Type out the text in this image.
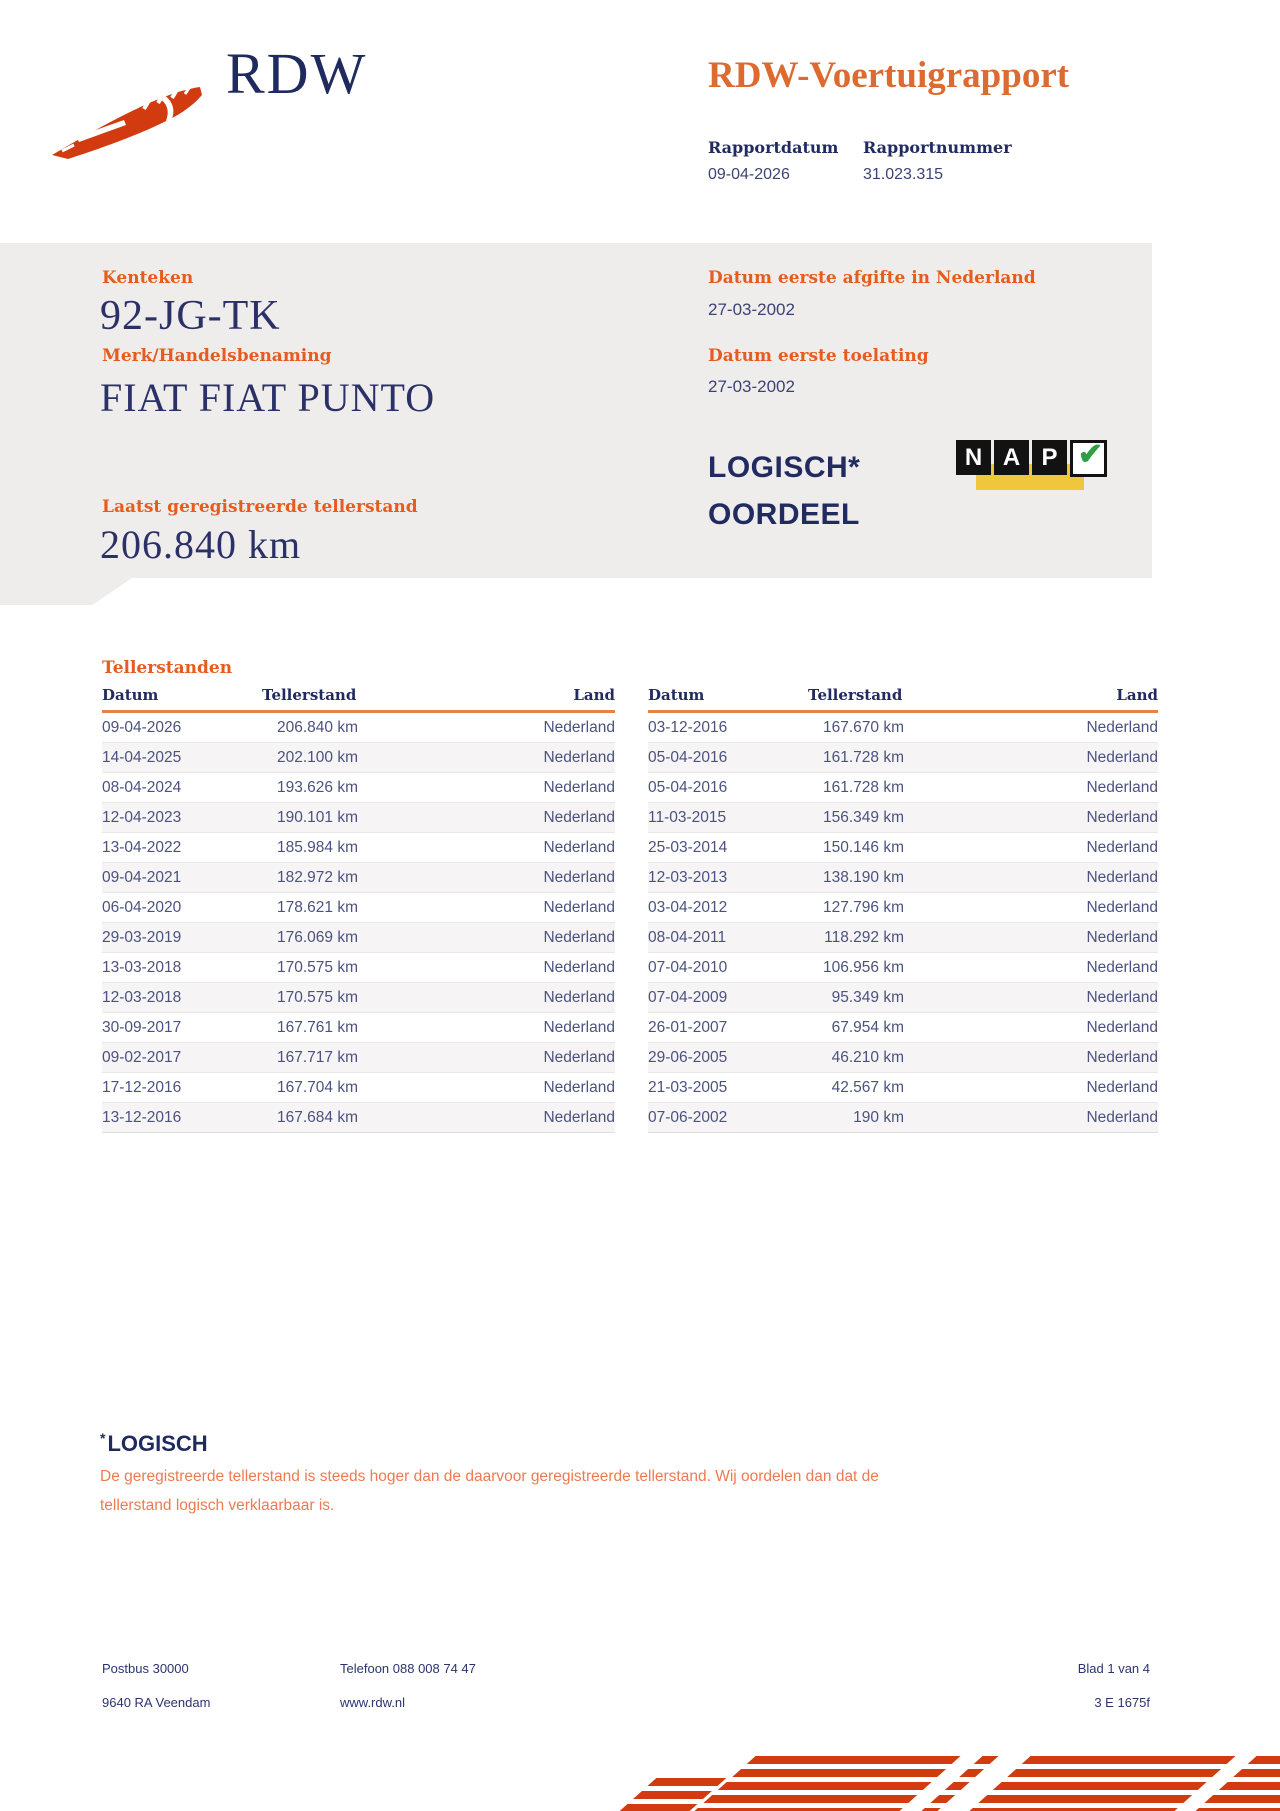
RDW	RDW-Voertuigrapport
Rapportdatum
09-04-2026
Rapportnummer
31.023.315
Kenteken
92-JG-TK
Merk/Handelsbenaming
FIAT FIAT PUNTO
Laatst geregistreerde tellerstand
206.840 km
Datum eerste afgifte in Nederland
27-03-2002
Datum eerste toelating
27-03-2002
LOGISCH*
OORDEEL
N A P ✔
Tellerstanden
Datum	Tellerstand	Land
09-04-2026	206.840 km	Nederland
14-04-2025	202.100 km	Nederland
08-04-2024	193.626 km	Nederland
12-04-2023	190.101 km	Nederland
13-04-2022	185.984 km	Nederland
09-04-2021	182.972 km	Nederland
06-04-2020	178.621 km	Nederland
29-03-2019	176.069 km	Nederland
13-03-2018	170.575 km	Nederland
12-03-2018	170.575 km	Nederland
30-09-2017	167.761 km	Nederland
09-02-2017	167.717 km	Nederland
17-12-2016	167.704 km	Nederland
13-12-2016	167.684 km	Nederland
Datum	Tellerstand	Land
03-12-2016	167.670 km	Nederland
05-04-2016	161.728 km	Nederland
05-04-2016	161.728 km	Nederland
11-03-2015	156.349 km	Nederland
25-03-2014	150.146 km	Nederland
12-03-2013	138.190 km	Nederland
03-04-2012	127.796 km	Nederland
08-04-2011	118.292 km	Nederland
07-04-2010	106.956 km	Nederland
07-04-2009	95.349 km	Nederland
26-01-2007	67.954 km	Nederland
29-06-2005	46.210 km	Nederland
21-03-2005	42.567 km	Nederland
07-06-2002	190 km	Nederland
*LOGISCH
De geregistreerde tellerstand is steeds hoger dan de daarvoor geregistreerde tellerstand. Wij oordelen dan dat de tellerstand logisch verklaarbaar is.
Postbus 30000
9640 RA Veendam
Telefoon 088 008 74 47
www.rdw.nl
Blad 1 van 4
3 E 1675f
